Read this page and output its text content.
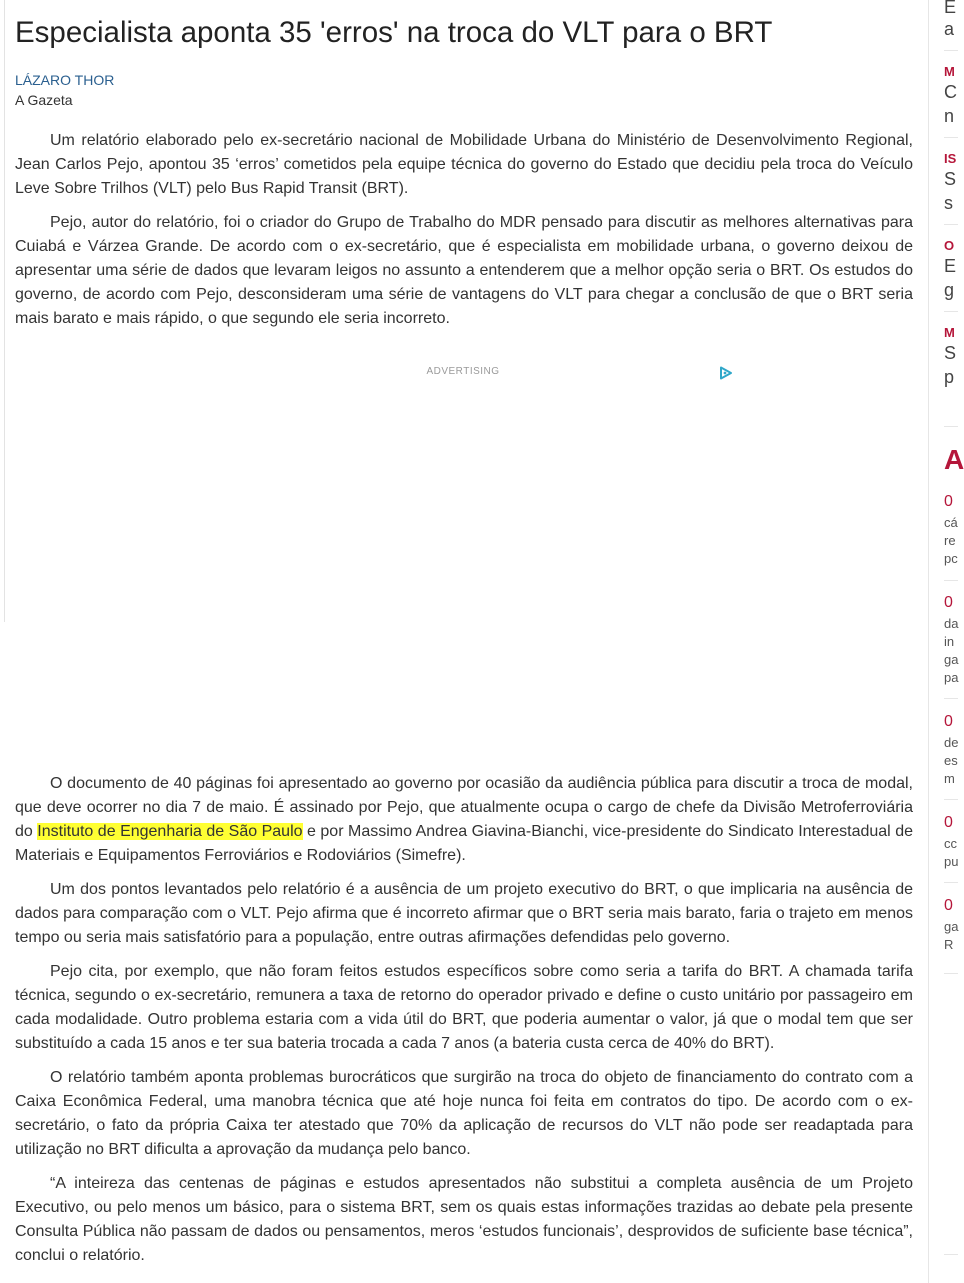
Especialista aponta 35 'erros' na troca do VLT para o BRT
LÁZARO THOR
A Gazeta

Um relatório elaborado pelo ex-secretário nacional de Mobilidade Urbana do Ministério de Desenvolvimento Regional, Jean Carlos Pejo, apontou 35 ‘erros’ cometidos pela equipe técnica do governo do Estado que decidiu pela troca do Veículo Leve Sobre Trilhos (VLT) pelo Bus Rapid Transit (BRT).

Pejo, autor do relatório, foi o criador do Grupo de Trabalho do MDR pensado para discutir as melhores alternativas para Cuiabá e Várzea Grande. De acordo com o ex-secretário, que é especialista em mobilidade urbana, o governo deixou de apresentar uma série de dados que levaram leigos no assunto a entenderem que a melhor opção seria o BRT. Os estudos do governo, de acordo com Pejo, desconsideram uma série de vantagens do VLT para chegar a conclusão de que o BRT seria mais barato e mais rápido, o que segundo ele seria incorreto.

ADVERTISING

O documento de 40 páginas foi apresentado ao governo por ocasião da audiência pública para discutir a troca de modal, que deve ocorrer no dia 7 de maio. É assinado por Pejo, que atualmente ocupa o cargo de chefe da Divisão Metroferroviária do Instituto de Engenharia de São Paulo e por Massimo Andrea Giavina-Bianchi, vice-presidente do Sindicato Interestadual de Materiais e Equipamentos Ferroviários e Rodoviários (Simefre).

Um dos pontos levantados pelo relatório é a ausência de um projeto executivo do BRT, o que implicaria na ausência de dados para comparação com o VLT. Pejo afirma que é incorreto afirmar que o BRT seria mais barato, faria o trajeto em menos tempo ou seria mais satisfatório para a população, entre outras afirmações defendidas pelo governo.

Pejo cita, por exemplo, que não foram feitos estudos específicos sobre como seria a tarifa do BRT. A chamada tarifa técnica, segundo o ex-secretário, remunera a taxa de retorno do operador privado e define o custo unitário por passageiro em cada modalidade. Outro problema estaria com a vida útil do BRT, que poderia aumentar o valor, já que o modal tem que ser substituído a cada 15 anos e ter sua bateria trocada a cada 7 anos (a bateria custa cerca de 40% do BRT).

O relatório também aponta problemas burocráticos que surgirão na troca do objeto de financiamento do contrato com a Caixa Econômica Federal, uma manobra técnica que até hoje nunca foi feita em contratos do tipo. De acordo com o ex-secretário, o fato da própria Caixa ter atestado que 70% da aplicação de recursos do VLT não pode ser readaptada para utilização no BRT dificulta a aprovação da mudança pelo banco.

“A inteireza das centenas de páginas e estudos apresentados não substitui a completa ausência de um Projeto Executivo, ou pelo menos um básico, para o sistema BRT, sem os quais estas informações trazidas ao debate pela presente Consulta Pública não passam de dados ou pensamentos, meros ‘estudos funcionais’, desprovidos de suficiente base técnica”, conclui o relatório.

E
a
M
C
n
IS
S
s
O
E
g
M
S
p
A
0
cá
re
pc
0
da
in
ga
pa
0
de
es
m
0
cc
pu
0
ga
R
